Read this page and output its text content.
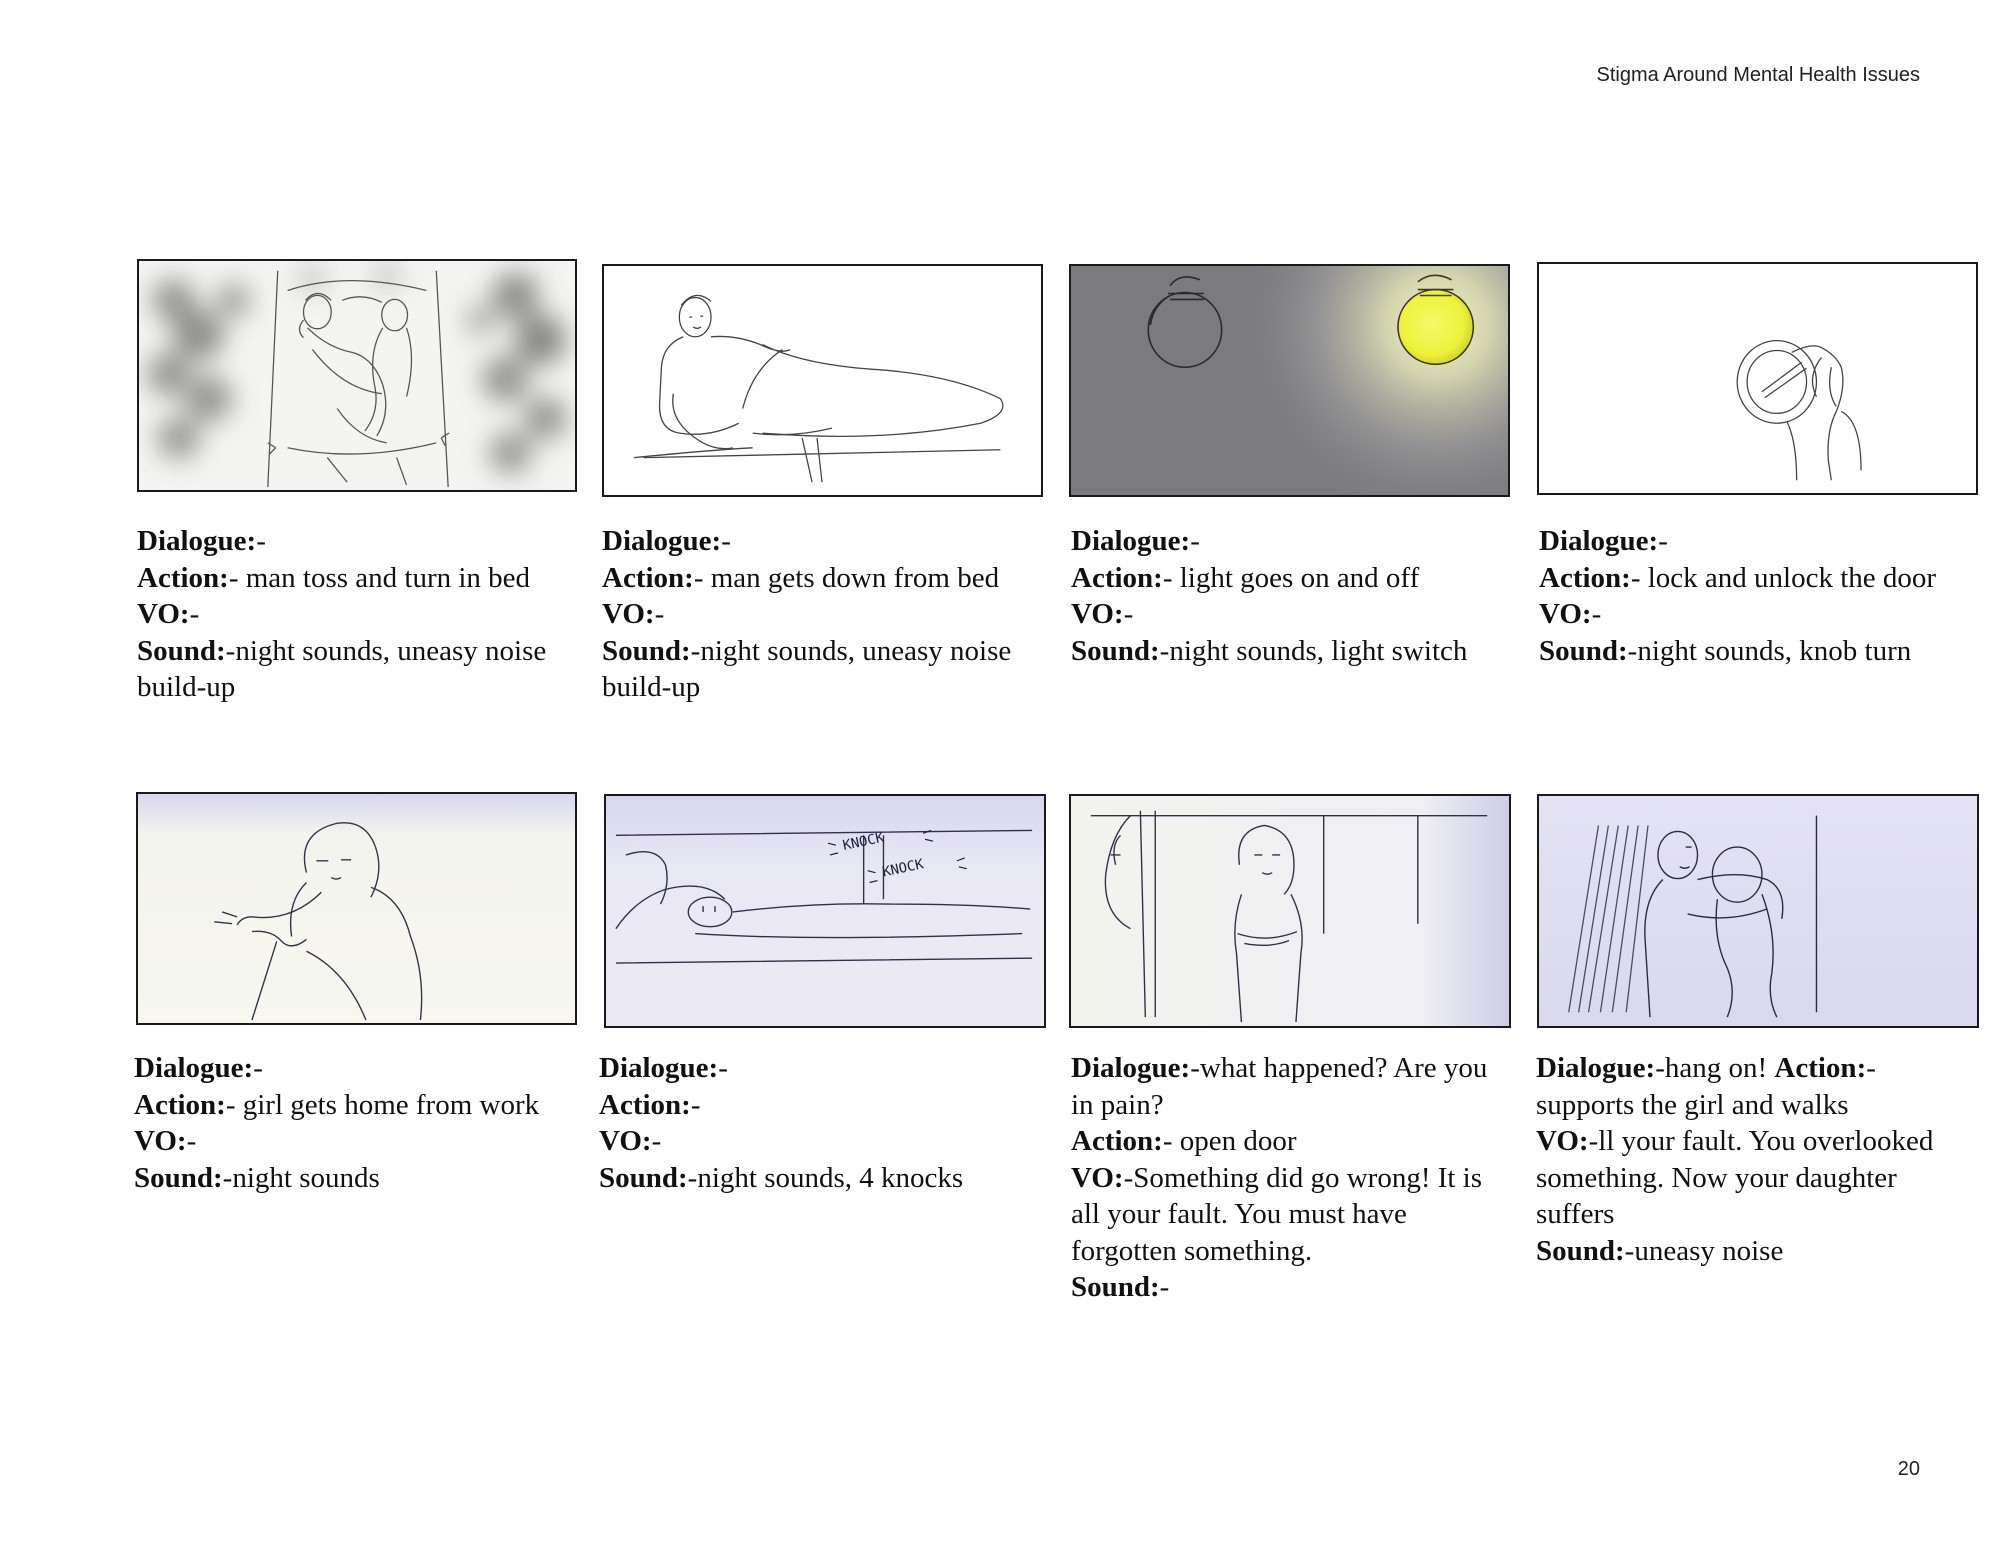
Stigma Around Mental Health Issues
KNOCK
KNOCK
Dialogue:-
Action:- man toss and turn in bed
VO:-
Sound:-night sounds, uneasy noise build-up
Dialogue:-
Action:- man gets down from bed
VO:-
Sound:-night sounds, uneasy noise build-up
Dialogue:-
Action:- light goes on and off
VO:-
Sound:-night sounds, light switch
Dialogue:-
Action:- lock and unlock the door
VO:-
Sound:-night sounds, knob turn
Dialogue:-
Action:- girl gets home from work
VO:-
Sound:-night sounds
Dialogue:-
Action:-
VO:-
Sound:-night sounds, 4 knocks
Dialogue:-what happened? Are you in pain?
Action:- open door
VO:-Something did go wrong! It is all your fault. You must have forgotten something.
Sound:-
Dialogue:-hang on! Action:- supports the girl and walks
VO:-ll your fault. You overlooked something. Now your daughter suffers
Sound:-uneasy noise
20
